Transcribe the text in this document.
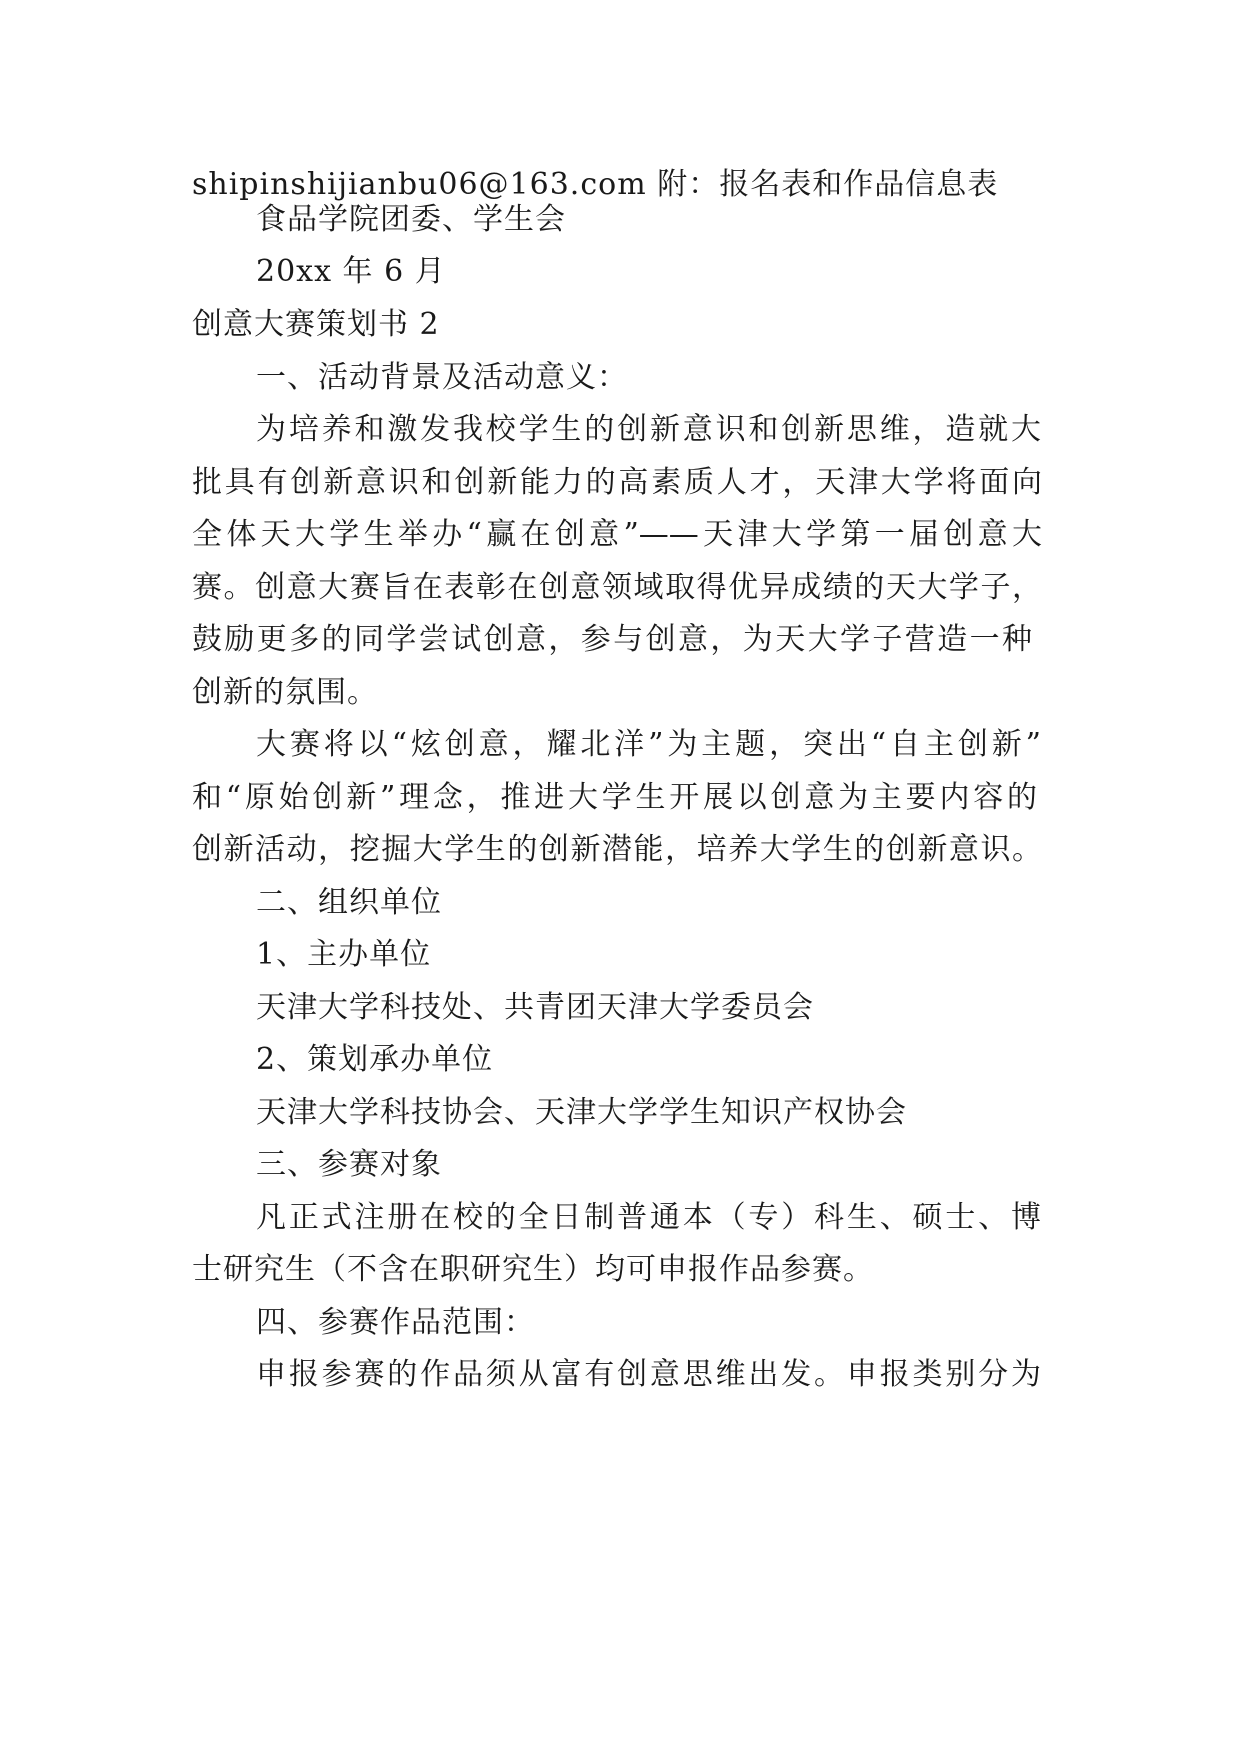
shipinshijianbu06@163.com 附：报名表和作品信息表
食品学院团委、学生会
20xx 年 6 月
创意大赛策划书 2
一、活动背景及活动意义：
为培养和激发我校学生的创新意识和创新思维，造就大
批具有创新意识和创新能力的高素质人才，天津大学将面向
全体天大学生举办“赢在创意”——天津大学第一届创意大
赛。创意大赛旨在表彰在创意领域取得优异成绩的天大学子，
鼓励更多的同学尝试创意，参与创意，为天大学子营造一种
创新的氛围。
大赛将以“炫创意，耀北洋”为主题，突出“自主创新”
和“原始创新”理念，推进大学生开展以创意为主要内容的
创新活动，挖掘大学生的创新潜能，培养大学生的创新意识。
二、组织单位
1、主办单位
天津大学科技处、共青团天津大学委员会
2、策划承办单位
天津大学科技协会、天津大学学生知识产权协会
三、参赛对象
凡正式注册在校的全日制普通本（专）科生、硕士、博
士研究生（不含在职研究生）均可申报作品参赛。
四、参赛作品范围：
申报参赛的作品须从富有创意思维出发。申报类别分为
